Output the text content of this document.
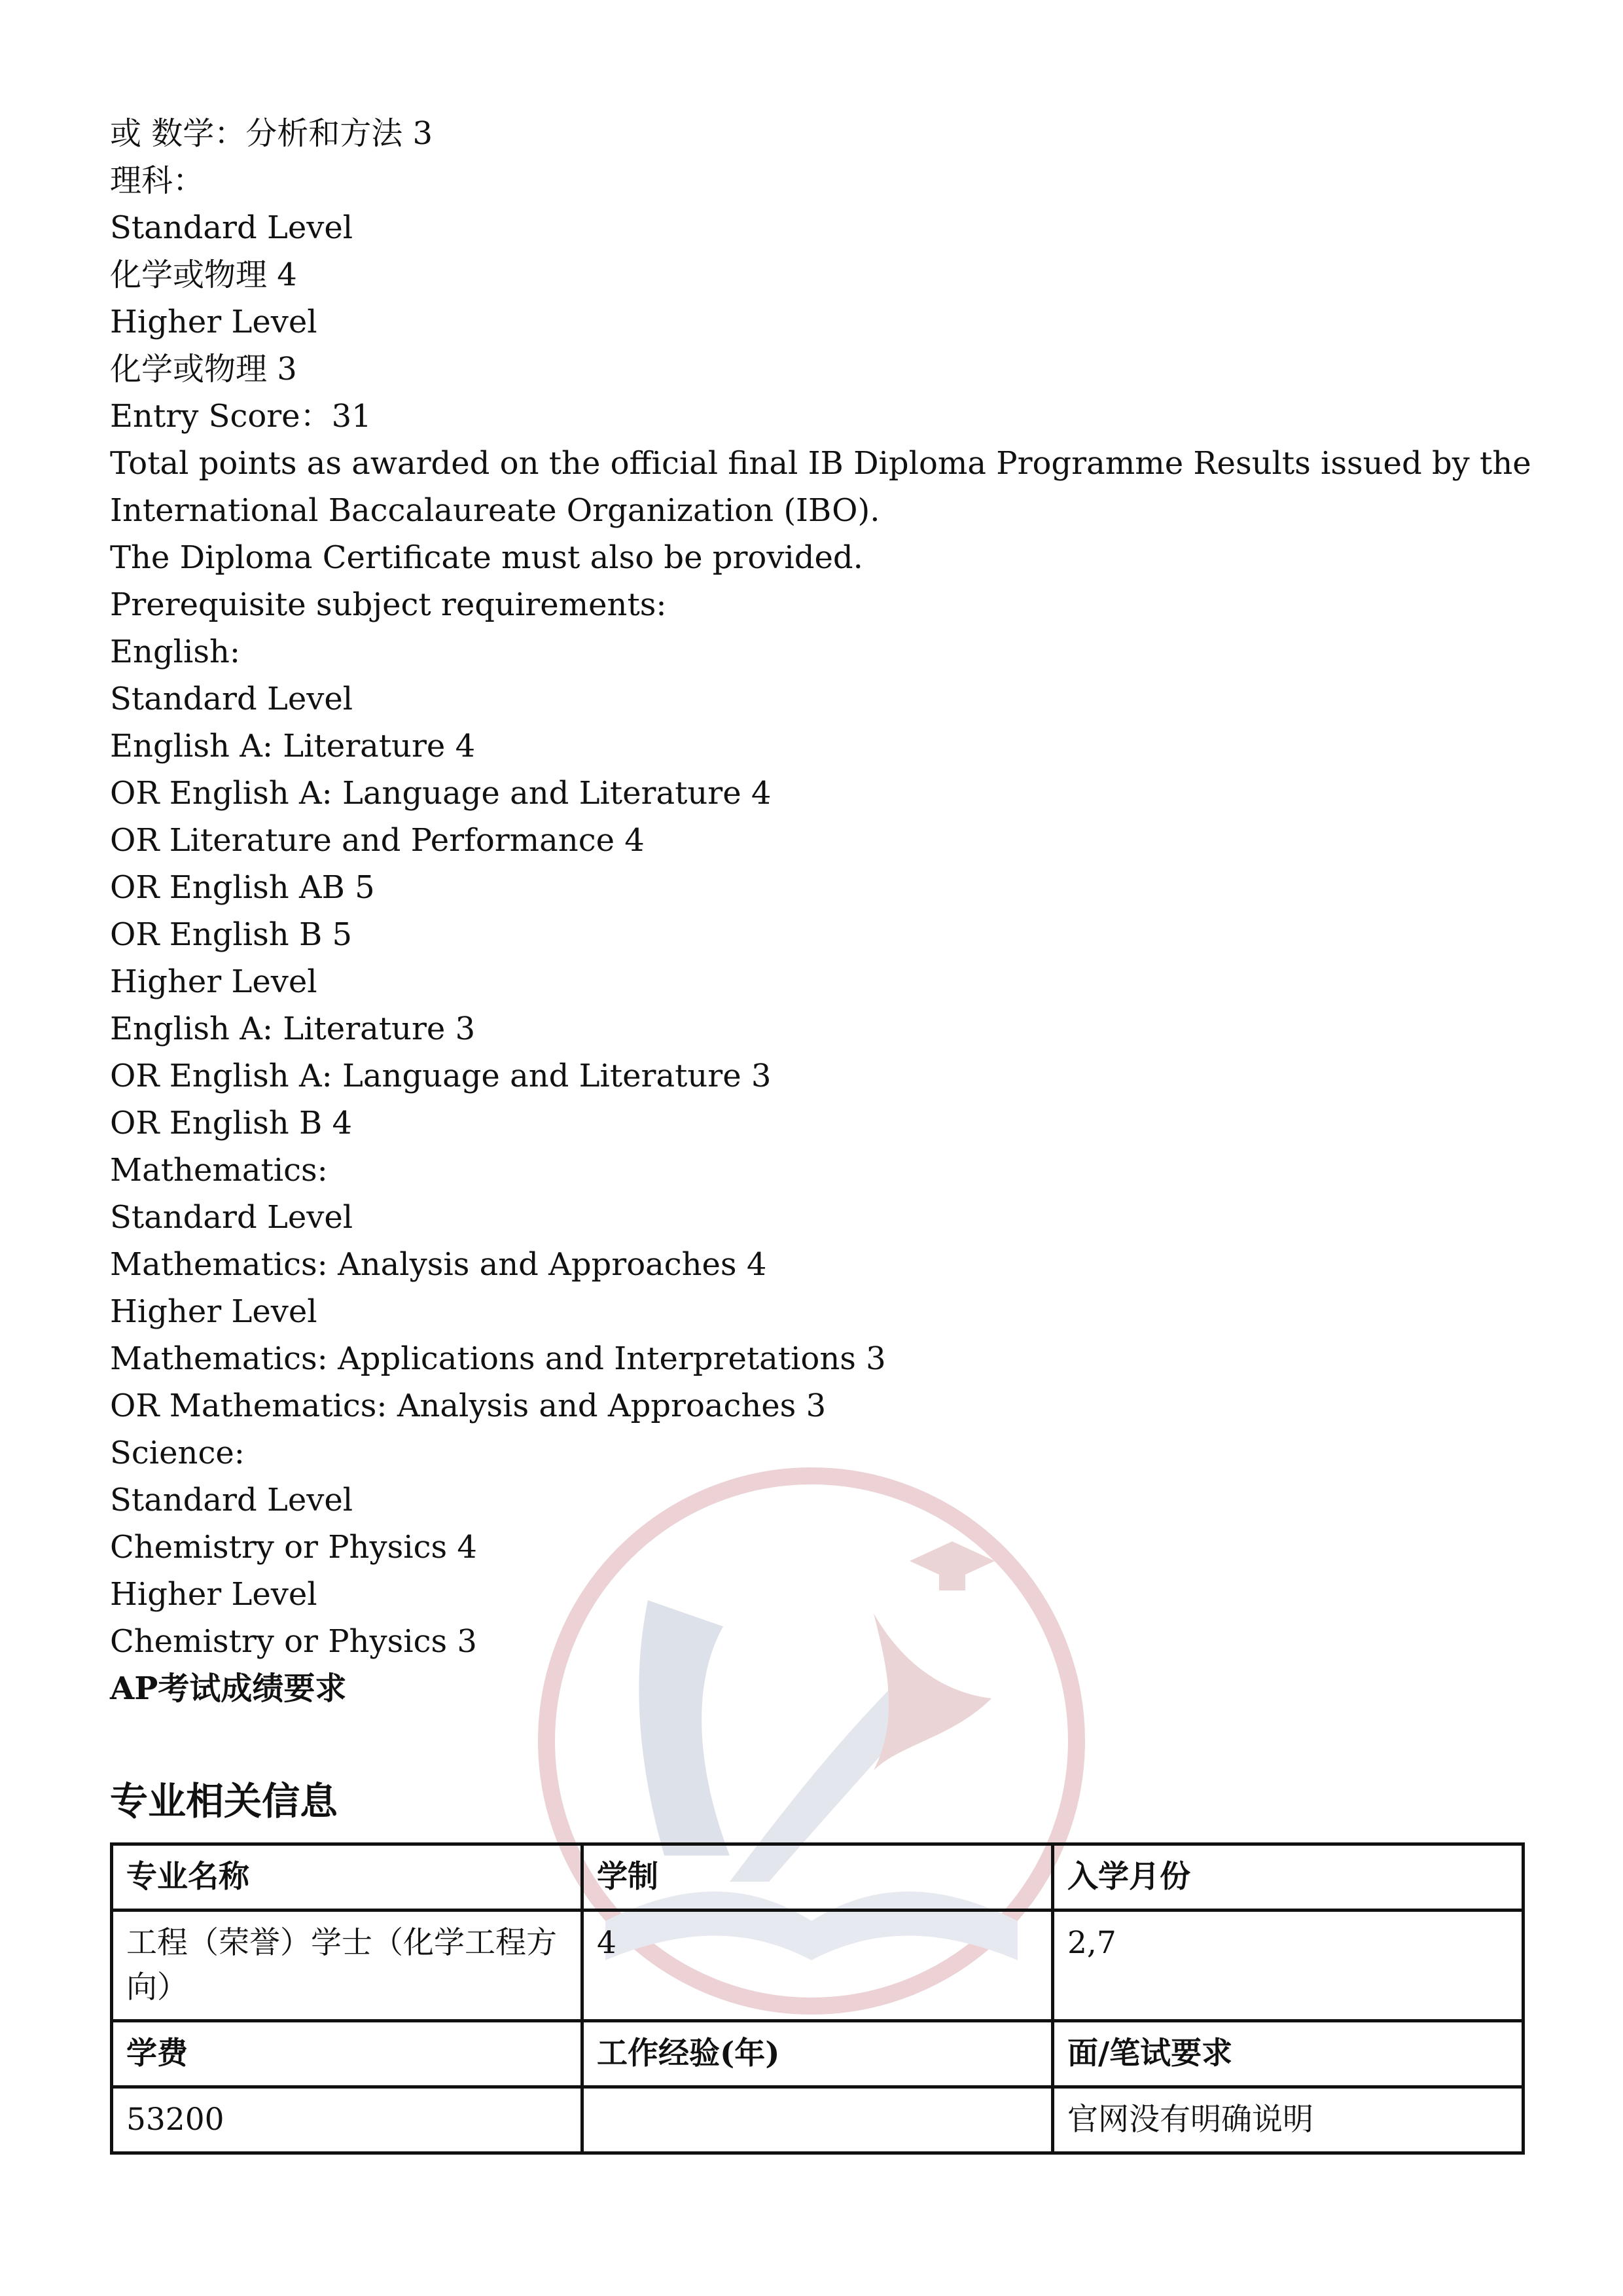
或 数学：分析和方法 3
理科：
Standard Level
化学或物理 4
Higher Level
化学或物理 3
Entry Score：31
Total points as awarded on the official final IB Diploma Programme Results issued by the International Baccalaureate Organization (IBO).
The Diploma Certificate must also be provided.
Prerequisite subject requirements:
English:
Standard Level
English A: Literature 4
OR English A: Language and Literature 4
OR Literature and Performance 4
OR English AB 5
OR English B 5
Higher Level
English A: Literature 3
OR English A: Language and Literature 3
OR English B 4
Mathematics:
Standard Level
Mathematics: Analysis and Approaches 4
Higher Level
Mathematics: Applications and Interpretations 3
OR Mathematics: Analysis and Approaches 3
Science:
Standard Level
Chemistry or Physics 4
Higher Level
Chemistry or Physics 3
AP考试成绩要求
专业相关信息
专业名称	学制	入学月份
工程（荣誉）学士（化学工程方向）	4	2,7
学费	工作经验(年)	面/笔试要求
53200		官网没有明确说明
